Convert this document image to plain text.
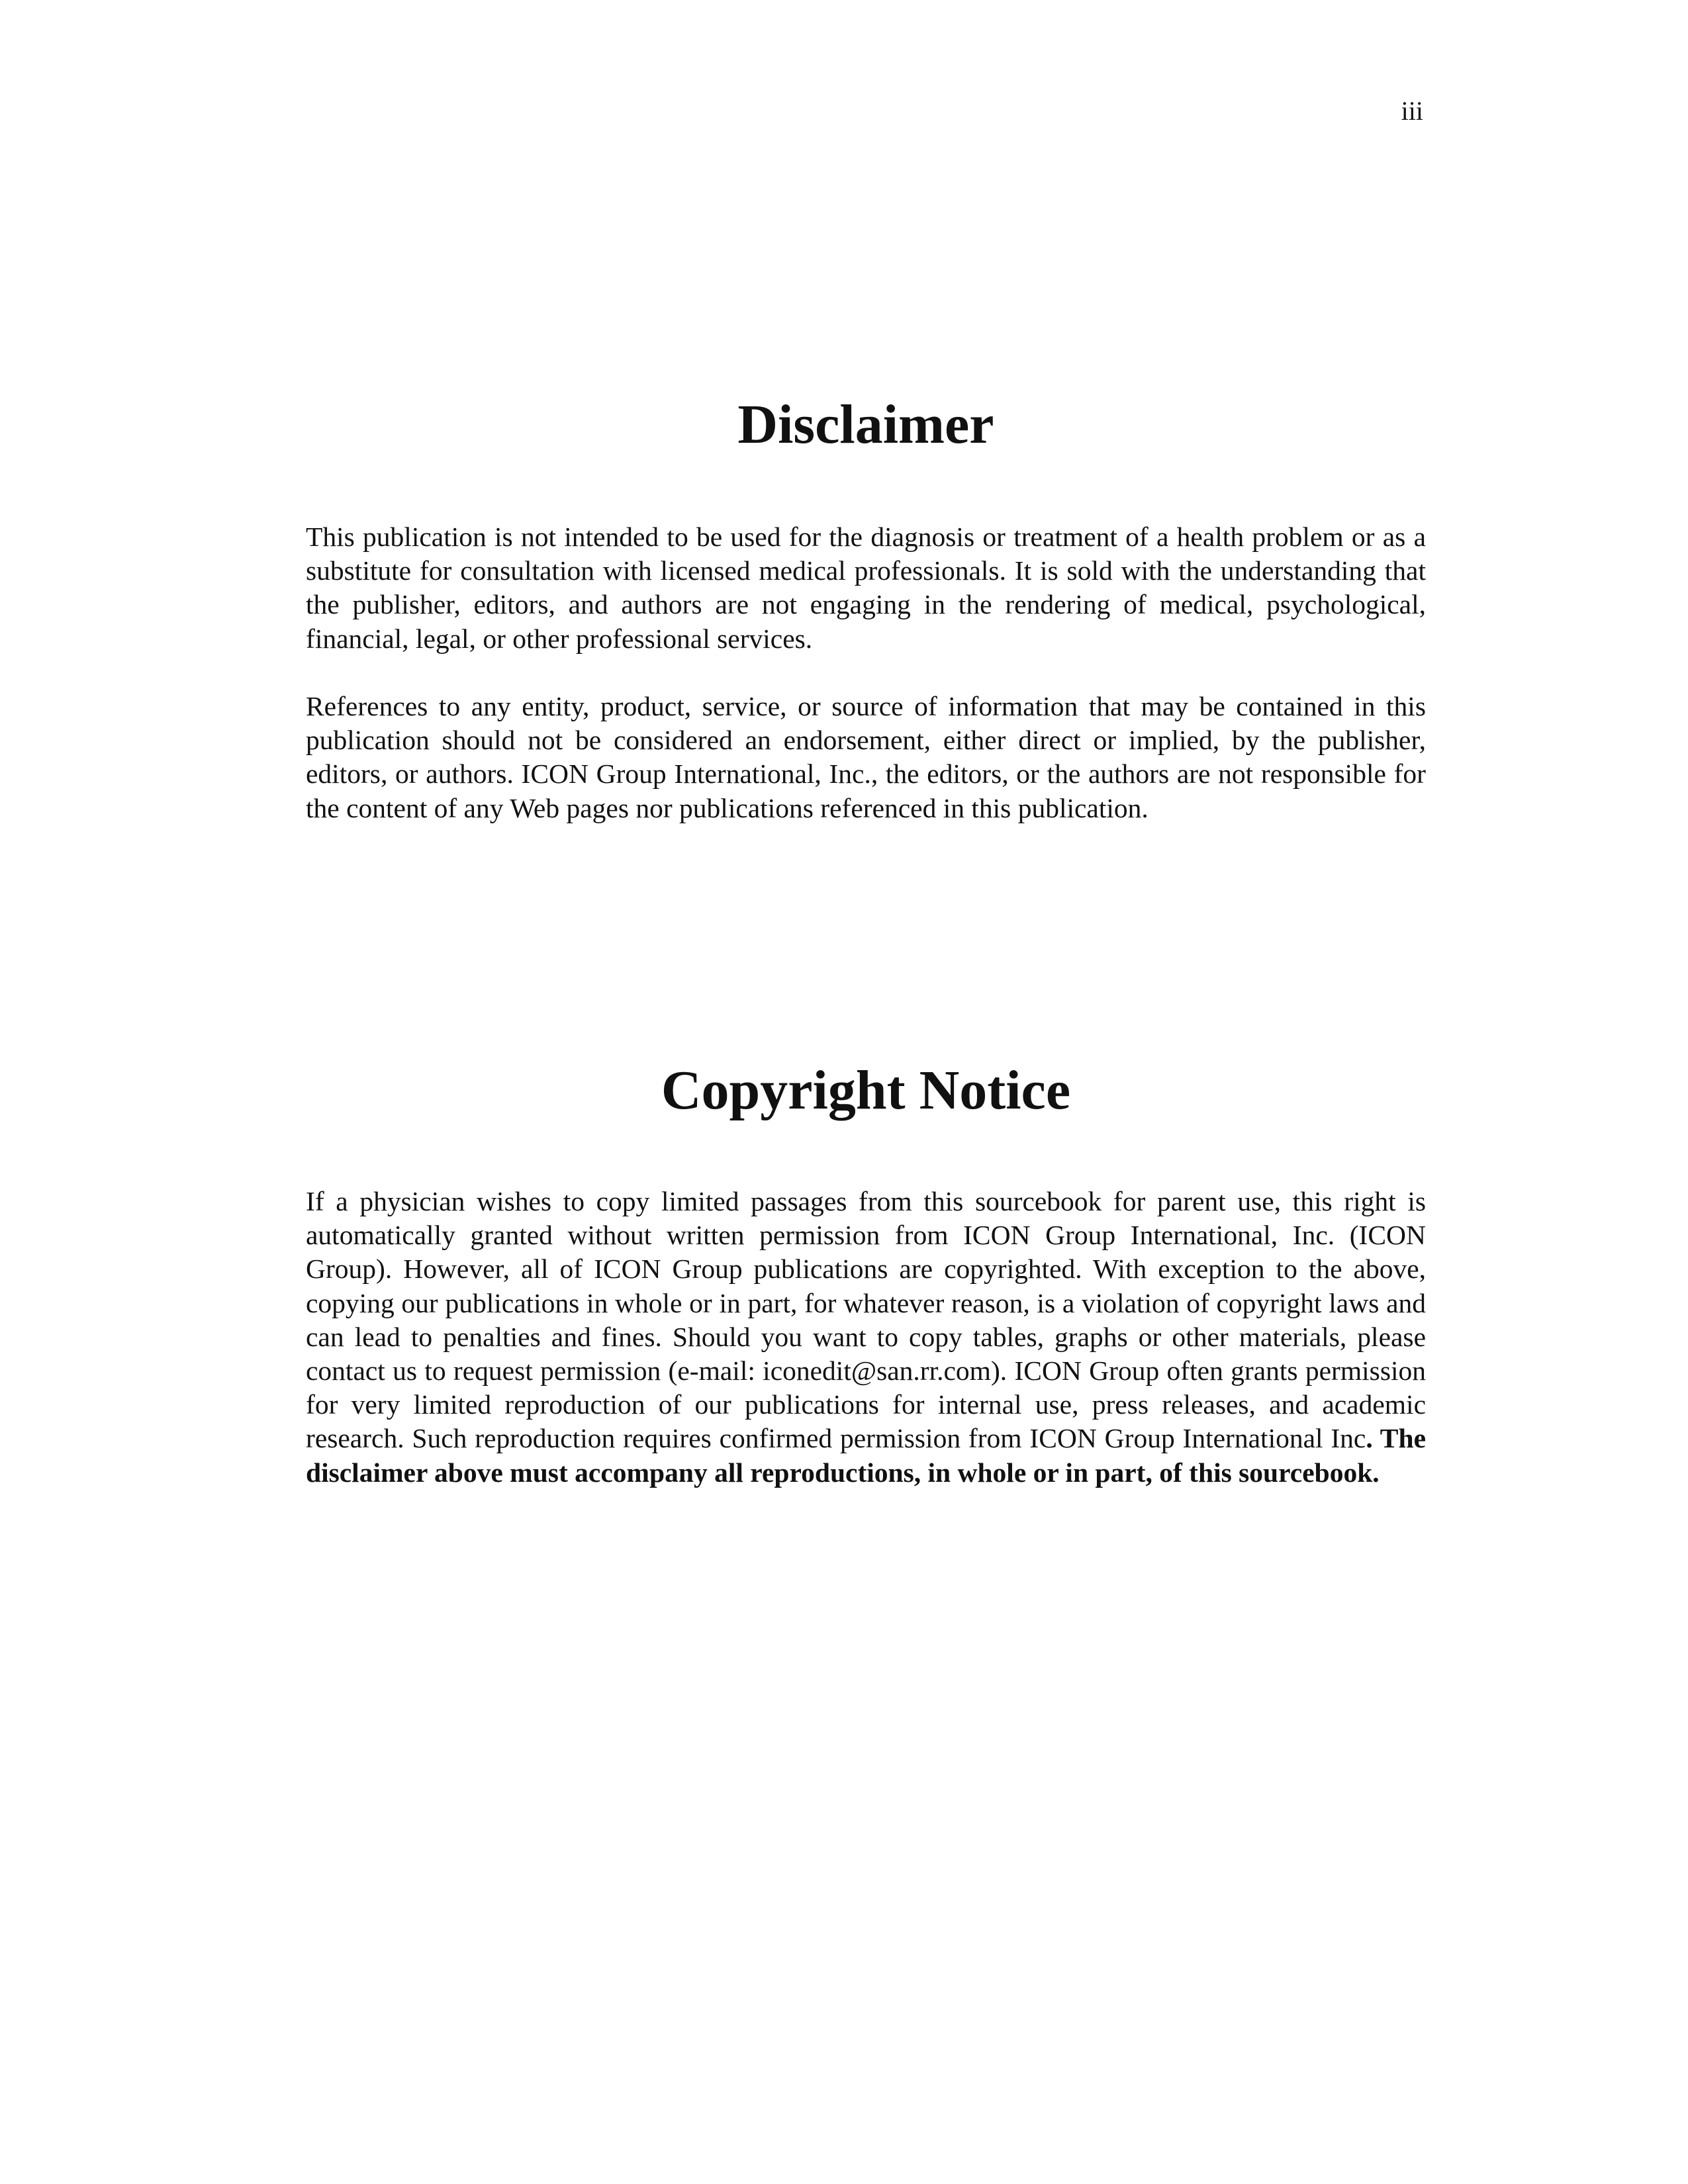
iii
Disclaimer

This publication is not intended to be used for the diagnosis or treatment of a health problem or as a substitute for consultation with licensed medical professionals. It is sold with the understanding that the publisher, editors, and authors are not engaging in the rendering of medical, psychological, financial, legal, or other professional services.

References to any entity, product, service, or source of information that may be contained in this publication should not be considered an endorsement, either direct or implied, by the publisher, editors, or authors. ICON Group International, Inc., the editors, or the authors are not responsible for the content of any Web pages nor publications referenced in this publication.

Copyright Notice

If a physician wishes to copy limited passages from this sourcebook for parent use, this right is automatically granted without written permission from ICON Group International, Inc. (ICON Group). However, all of ICON Group publications are copyrighted. With exception to the above, copying our publications in whole or in part, for whatever reason, is a violation of copyright laws and can lead to penalties and fines. Should you want to copy tables, graphs or other materials, please contact us to request permission (e-mail: iconedit@san.rr.com). ICON Group often grants permission for very limited reproduction of our publications for internal use, press releases, and academic research. Such reproduction requires confirmed permission from ICON Group International Inc. The disclaimer above must accompany all reproductions, in whole or in part, of this sourcebook.
